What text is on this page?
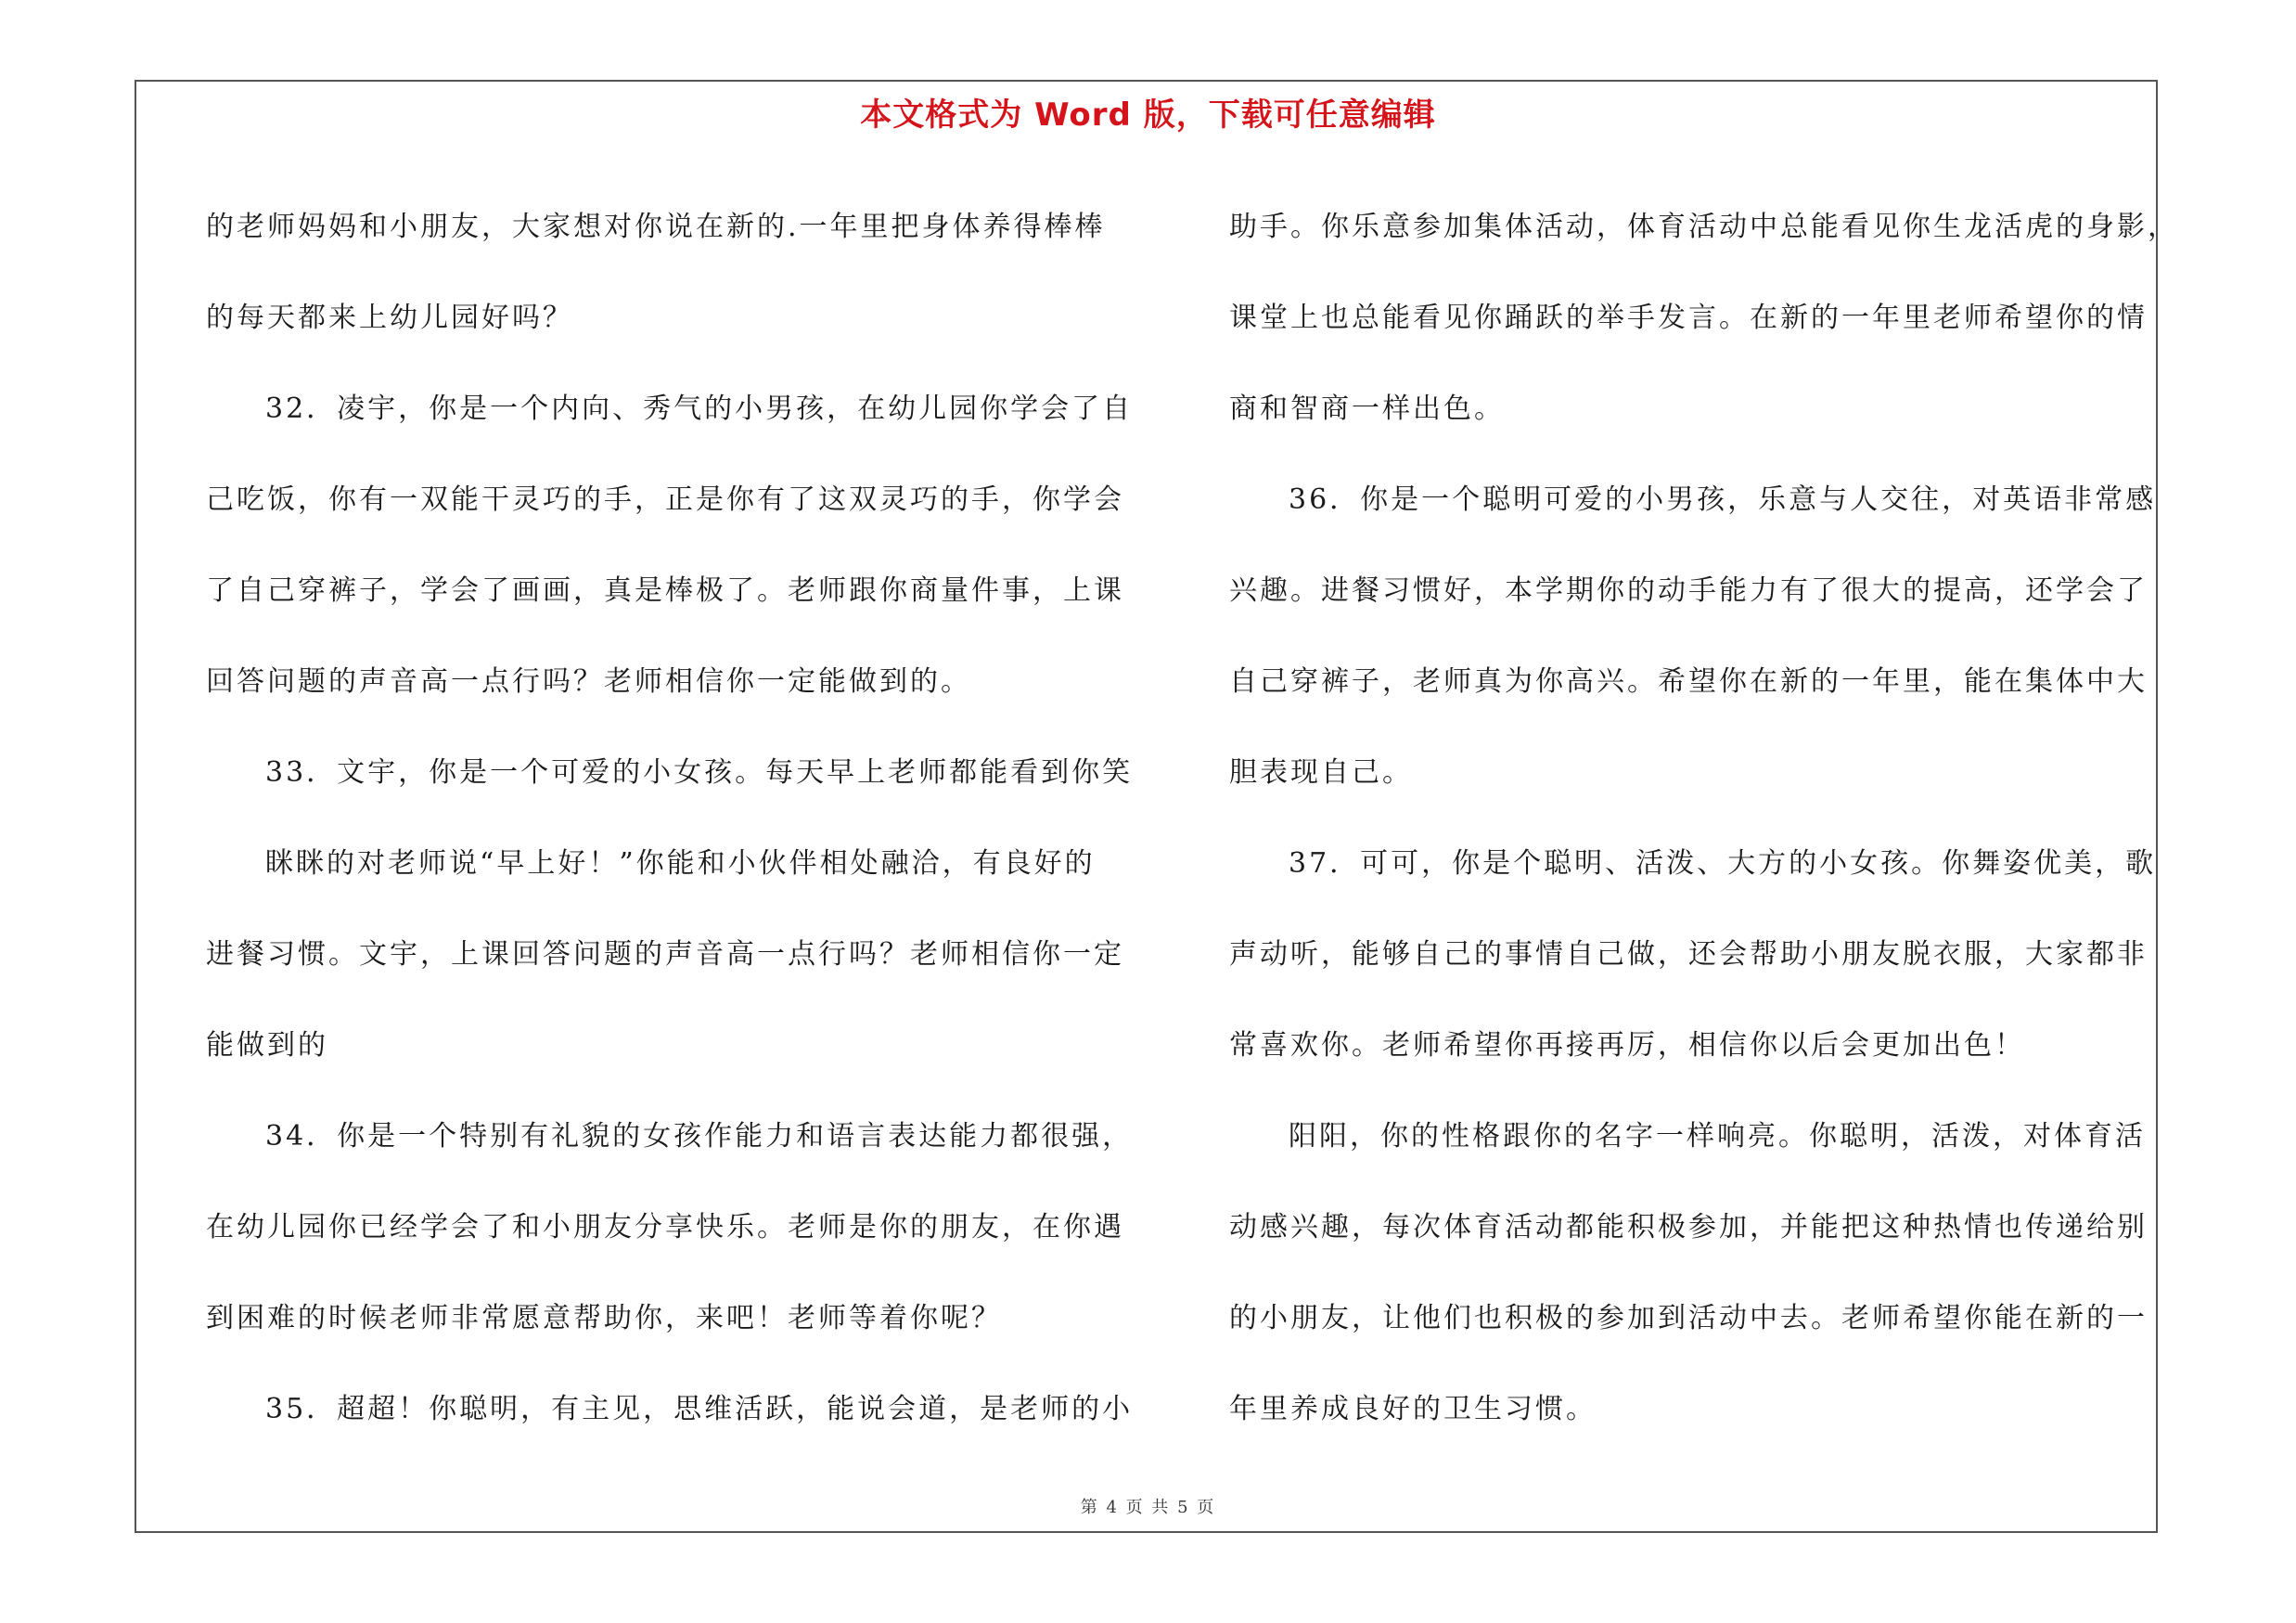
本文格式为 Word 版，下载可任意编辑
的老师妈妈和小朋友，大家想对你说在新的.一年里把身体养得棒棒
的每天都来上幼儿园好吗？
32．凌宇，你是一个内向、秀气的小男孩，在幼儿园你学会了自
己吃饭，你有一双能干灵巧的手，正是你有了这双灵巧的手，你学会
了自己穿裤子，学会了画画，真是棒极了。老师跟你商量件事，上课
回答问题的声音高一点行吗？老师相信你一定能做到的。
33．文宇，你是一个可爱的小女孩。每天早上老师都能看到你笑
眯眯的对老师说“早上好！”你能和小伙伴相处融洽，有良好的
进餐习惯。文宇，上课回答问题的声音高一点行吗？老师相信你一定
能做到的
34．你是一个特别有礼貌的女孩作能力和语言表达能力都很强，
在幼儿园你已经学会了和小朋友分享快乐。老师是你的朋友，在你遇
到困难的时候老师非常愿意帮助你，来吧！老师等着你呢？
35．超超！你聪明，有主见，思维活跃，能说会道，是老师的小
助手。你乐意参加集体活动，体育活动中总能看见你生龙活虎的身影，
课堂上也总能看见你踊跃的举手发言。在新的一年里老师希望你的情
商和智商一样出色。
36．你是一个聪明可爱的小男孩，乐意与人交往，对英语非常感
兴趣。进餐习惯好，本学期你的动手能力有了很大的提高，还学会了
自己穿裤子，老师真为你高兴。希望你在新的一年里，能在集体中大
胆表现自己。
37．可可，你是个聪明、活泼、大方的小女孩。你舞姿优美，歌
声动听，能够自己的事情自己做，还会帮助小朋友脱衣服，大家都非
常喜欢你。老师希望你再接再厉，相信你以后会更加出色！
阳阳，你的性格跟你的名字一样响亮。你聪明，活泼，对体育活
动感兴趣，每次体育活动都能积极参加，并能把这种热情也传递给别
的小朋友，让他们也积极的参加到活动中去。老师希望你能在新的一
年里养成良好的卫生习惯。
第 4 页 共 5 页
